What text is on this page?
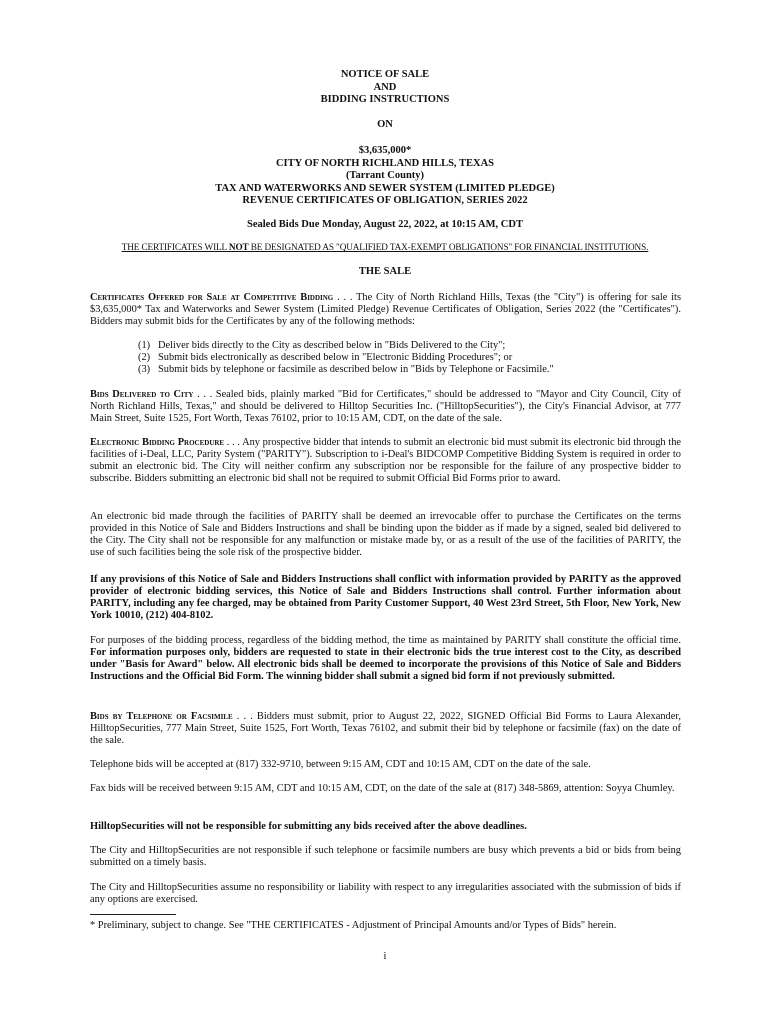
NOTICE OF SALE
AND
BIDDING INSTRUCTIONS
ON
$3,635,000*
CITY OF NORTH RICHLAND HILLS, TEXAS
(Tarrant County)
TAX AND WATERWORKS AND SEWER SYSTEM (LIMITED PLEDGE)
REVENUE CERTIFICATES OF OBLIGATION, SERIES 2022
Sealed Bids Due Monday, August 22, 2022, at 10:15 AM, CDT
THE CERTIFICATES WILL NOT BE DESIGNATED AS "QUALIFIED TAX-EXEMPT OBLIGATIONS" FOR FINANCIAL INSTITUTIONS.
THE SALE
Certificates Offered for Sale at Competitive Bidding . . . The City of North Richland Hills, Texas (the "City") is offering for sale its $3,635,000* Tax and Waterworks and Sewer System (Limited Pledge) Revenue Certificates of Obligation, Series 2022 (the "Certificates"). Bidders may submit bids for the Certificates by any of the following methods:
(1) Deliver bids directly to the City as described below in "Bids Delivered to the City";
(2) Submit bids electronically as described below in "Electronic Bidding Procedures"; or
(3) Submit bids by telephone or facsimile as described below in "Bids by Telephone or Facsimile."
Bids Delivered to City . . . Sealed bids, plainly marked "Bid for Certificates," should be addressed to "Mayor and City Council, City of North Richland Hills, Texas," and should be delivered to Hilltop Securities Inc. ("HilltopSecurities"), the City's Financial Advisor, at 777 Main Street, Suite 1525, Fort Worth, Texas 76102, prior to 10:15 AM, CDT, on the date of the sale.
Electronic Bidding Procedure . . . Any prospective bidder that intends to submit an electronic bid must submit its electronic bid through the facilities of i-Deal, LLC, Parity System ("PARITY"). Subscription to i-Deal's BIDCOMP Competitive Bidding System is required in order to submit an electronic bid. The City will neither confirm any subscription nor be responsible for the failure of any prospective bidder to subscribe. Bidders submitting an electronic bid shall not be required to submit Official Bid Forms prior to award.
An electronic bid made through the facilities of PARITY shall be deemed an irrevocable offer to purchase the Certificates on the terms provided in this Notice of Sale and Bidders Instructions and shall be binding upon the bidder as if made by a signed, sealed bid delivered to the City. The City shall not be responsible for any malfunction or mistake made by, or as a result of the use of the facilities of PARITY, the use of such facilities being the sole risk of the prospective bidder.
If any provisions of this Notice of Sale and Bidders Instructions shall conflict with information provided by PARITY as the approved provider of electronic bidding services, this Notice of Sale and Bidders Instructions shall control. Further information about PARITY, including any fee charged, may be obtained from Parity Customer Support, 40 West 23rd Street, 5th Floor, New York, New York 10010, (212) 404-8102.
For purposes of the bidding process, regardless of the bidding method, the time as maintained by PARITY shall constitute the official time. For information purposes only, bidders are requested to state in their electronic bids the true interest cost to the City, as described under "Basis for Award" below. All electronic bids shall be deemed to incorporate the provisions of this Notice of Sale and Bidders Instructions and the Official Bid Form. The winning bidder shall submit a signed bid form if not previously submitted.
Bids by Telephone or Facsimile . . . Bidders must submit, prior to August 22, 2022, SIGNED Official Bid Forms to Laura Alexander, HilltopSecurities, 777 Main Street, Suite 1525, Fort Worth, Texas 76102, and submit their bid by telephone or facsimile (fax) on the date of the sale.
Telephone bids will be accepted at (817) 332-9710, between 9:15 AM, CDT and 10:15 AM, CDT on the date of the sale.
Fax bids will be received between 9:15 AM, CDT and 10:15 AM, CDT, on the date of the sale at (817) 348-5869, attention: Soyya Chumley.
HilltopSecurities will not be responsible for submitting any bids received after the above deadlines.
The City and HilltopSecurities are not responsible if such telephone or facsimile numbers are busy which prevents a bid or bids from being submitted on a timely basis.
The City and HilltopSecurities assume no responsibility or liability with respect to any irregularities associated with the submission of bids if any options are exercised.
* Preliminary, subject to change. See "THE CERTIFICATES - Adjustment of Principal Amounts and/or Types of Bids" herein.
i
